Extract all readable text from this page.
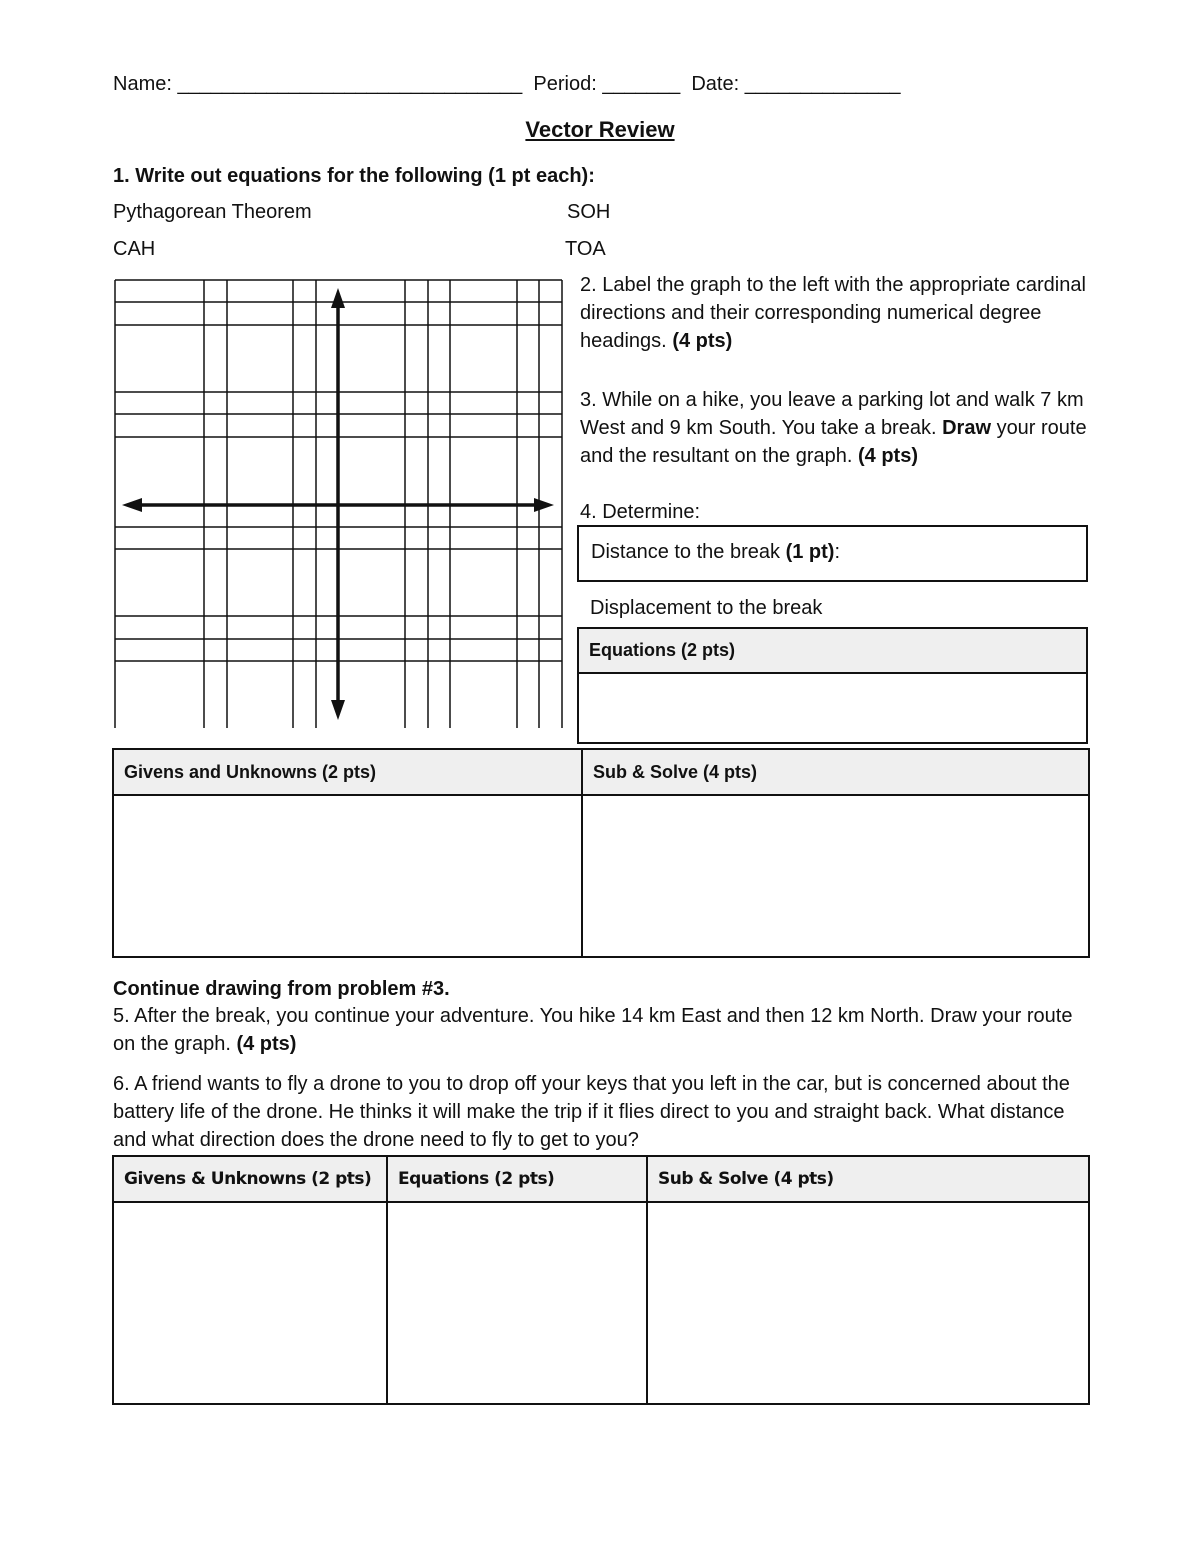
Name: _______________________________ Period: _______ Date: ______________
Vector Review
1. Write out equations for the following (1 pt each):
Pythagorean Theorem	SOH
CAH	TOA
2. Label the graph to the left with the appropriate cardinal directions and their corresponding numerical degree headings. (4 pts)
3. While on a hike, you leave a parking lot and walk 7 km West and 9 km South. You take a break. Draw your route and the resultant on the graph. (4 pts)
4. Determine:
Distance to the break (1 pt):
Displacement to the break
Equations (2 pts)
Givens and Unknowns (2 pts)	Sub & Solve (4 pts)

Continue drawing from problem #3.
5. After the break, you continue your adventure. You hike 14 km East and then 12 km North. Draw your route on the graph. (4 pts)
6. A friend wants to fly a drone to you to drop off your keys that you left in the car, but is concerned about the battery life of the drone. He thinks it will make the trip if it flies direct to you and straight back. What distance and what direction does the drone need to fly to get to you?
Givens & Unknowns (2 pts)	Equations (2 pts)	Sub & Solve (4 pts)
